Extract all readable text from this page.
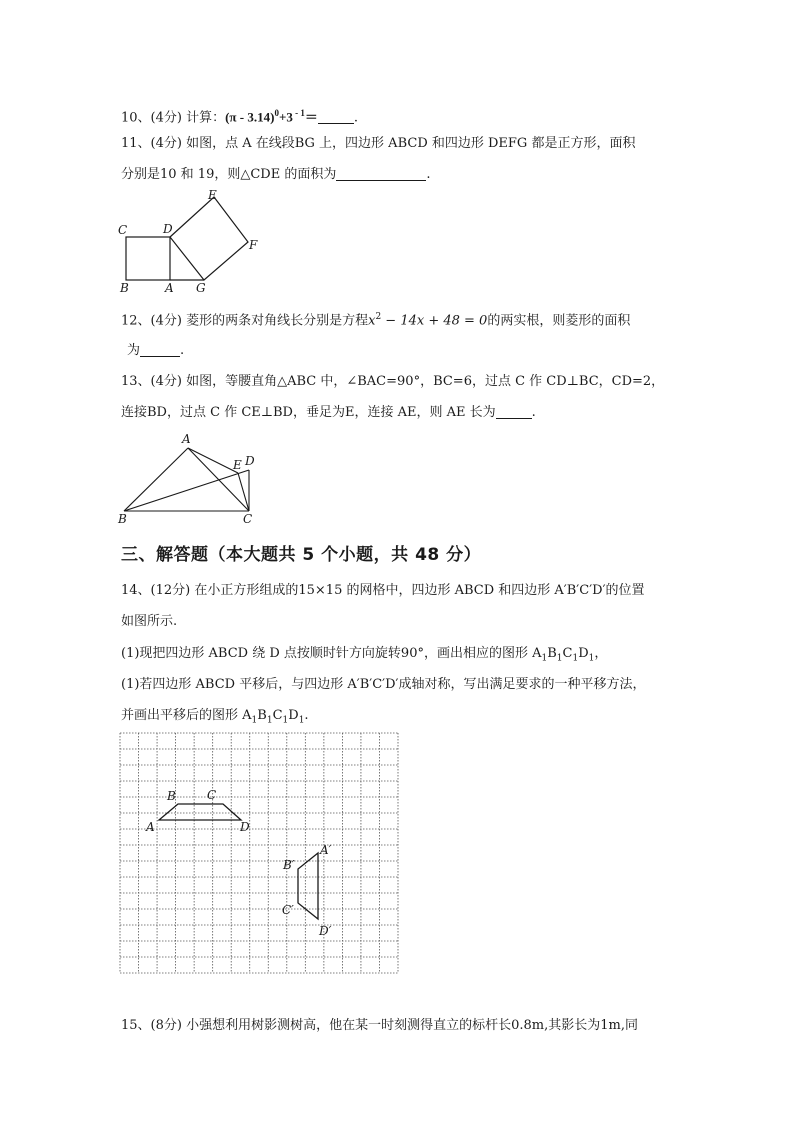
10、(4分) 计算：(π - 3.14)$^0$+3 $^{- 1}$＝	.
11、(4分) 如图，点 A 在线段BG 上，四边形 ABCD 和四边形 DEFG 都是正方形，面积
分别是10 和 19，则△CDE 的面积为	.
C	D
E
F
B	A G
12、(4分) 菱形的两条对角线长分别是方程$x^2 - 14x + 48 = 0$的两实根，则菱形的面积
为	.
13、(4分) 如图，等腰直角△ABC 中，∠BAC=90°，BC=6，过点 C 作 CD⊥BC，CD=2，
连接BD，过点 C 作 CE⊥BD，垂足为E，连接 AE，则 AE 长为	.
A
E D
B	C
三、解答题（本大题共 5 个小题，共 48 分）
14、(12分) 在小正方形组成的15×15 的网格中，四边形 ABCD 和四边形 A′B′C′D′的位置
如图所示.
(1)现把四边形 ABCD 绕 D 点按顺时针方向旋转90°，画出相应的图形 $A_1B_1C_1D_1$，
(1)若四边形 ABCD 平移后，与四边形 A′B′C′D′成轴对称，写出满足要求的一种平移方法，
并画出平移后的图形 $A_1B_1C_1D_1$.
A
B	C
D
A′
B′
C′
D′
15、(8分) 小强想利用树影测树高，他在某一时刻测得直立的标杆长0.8m,其影长为1m,同
